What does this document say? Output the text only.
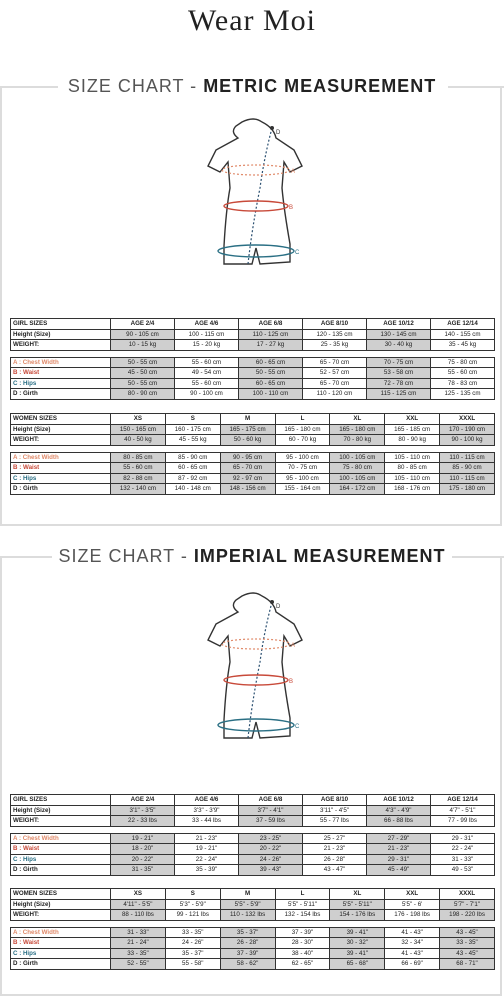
Wear Moi
SIZE CHART - METRIC MEASUREMENT
D
A
B
C
GIRL SIZES	AGE 2/4	AGE 4/6	AGE 6/8	AGE 8/10	AGE 10/12	AGE 12/14
Height (Size)	90 - 105 cm	100 - 115 cm	110 - 125 cm	120 - 135 cm	130 - 145 cm	140 - 155 cm
WEIGHT:	10 - 15 kg	15 - 20 kg	17 - 27 kg	25 - 35 kg	30 - 40 kg	35 - 45 kg

A : Chest Width	50 - 55 cm	55 - 60 cm	60 - 65 cm	65 - 70 cm	70 - 75 cm	75 - 80 cm
B : Waist	45 - 50 cm	49 - 54 cm	50 - 55 cm	52 - 57 cm	53 - 58 cm	55 - 60 cm
C : Hips	50 - 55 cm	55 - 60 cm	60 - 65 cm	65 - 70 cm	72 - 78 cm	78 - 83 cm
D : Girth	80 - 90 cm	90 - 100 cm	100 - 110 cm	110 - 120 cm	115 - 125 cm	125 - 135 cm
WOMEN SIZES	XS	S	M	L	XL	XXL	XXXL
Height (Size)	150 - 165 cm	160 - 175 cm	165 - 175 cm	165 - 180 cm	165 - 180 cm	165 - 185 cm	170 - 190 cm
WEIGHT:	40 - 50 kg	45 - 55 kg	50 - 60 kg	60 - 70 kg	70 - 80 kg	80 - 90 kg	90 - 100 kg

A : Chest Width	80 - 85 cm	85 - 90 cm	90 - 95 cm	95 - 100 cm	100 - 105 cm	105 - 110 cm	110 - 115 cm
B : Waist	55 - 60 cm	60 - 65 cm	65 - 70 cm	70 - 75 cm	75 - 80 cm	80 - 85 cm	85 - 90 cm
C : Hips	82 - 88 cm	87 - 92 cm	92 - 97 cm	95 - 100 cm	100 - 105 cm	105 - 110 cm	110 - 115 cm
D : Girth	132 - 140 cm	140 - 148 cm	148 - 156 cm	155 - 164 cm	164 - 172 cm	168 - 176 cm	175 - 180 cm
SIZE CHART - IMPERIAL MEASUREMENT
D
A
B
C
GIRL SIZES	AGE 2/4	AGE 4/6	AGE 6/8	AGE 8/10	AGE 10/12	AGE 12/14
Height (Size)	3'1" - 3'5"	3'3" - 3'9"	3'7" - 4'1"	3'11" - 4'5"	4'3" - 4'9"	4'7" - 5'1"
WEIGHT:	22 - 33 lbs	33 - 44 lbs	37 - 59 lbs	55 - 77 lbs	66 - 88 lbs	77 - 99 lbs

A : Chest Width	19 - 21"	21 - 23"	23 - 25"	25 - 27"	27 - 29"	29 - 31"
B : Waist	18 - 20"	19 - 21"	20 - 22"	21 - 23"	21 - 23"	22 - 24"
C : Hips	20 - 22"	22 - 24"	24 - 26"	26 - 28"	29 - 31"	31 - 33"
D : Girth	31 - 35"	35 - 39"	39 - 43"	43 - 47"	45 - 49"	49 - 53"
WOMEN SIZES	XS	S	M	L	XL	XXL	XXXL
Height (Size)	4'11" - 5'5"	5'3" - 5'9"	5'5" - 5'9"	5'5" - 5'11"	5'5" - 5'11"	5'5" - 6'	5'7" - 7'1"
WEIGHT:	88 - 110 lbs	99 - 121 lbs	110 - 132 lbs	132 - 154 lbs	154 - 176 lbs	176 - 198 lbs	198 - 220 lbs

A : Chest Width	31 - 33"	33 - 35"	35 - 37"	37 - 39"	39 - 41"	41 - 43"	43 - 45"
B : Waist	21 - 24"	24 - 26"	26 - 28"	28 - 30"	30 - 32"	32 - 34"	33 - 35"
C : Hips	33 - 35"	35 - 37"	37 - 39"	38 - 40"	39 - 41"	41 - 43"	43 - 45"
D : Girth	52 - 55"	55 - 58"	58 - 62"	62 - 65"	65 - 68"	66 - 69"	68 - 71"
